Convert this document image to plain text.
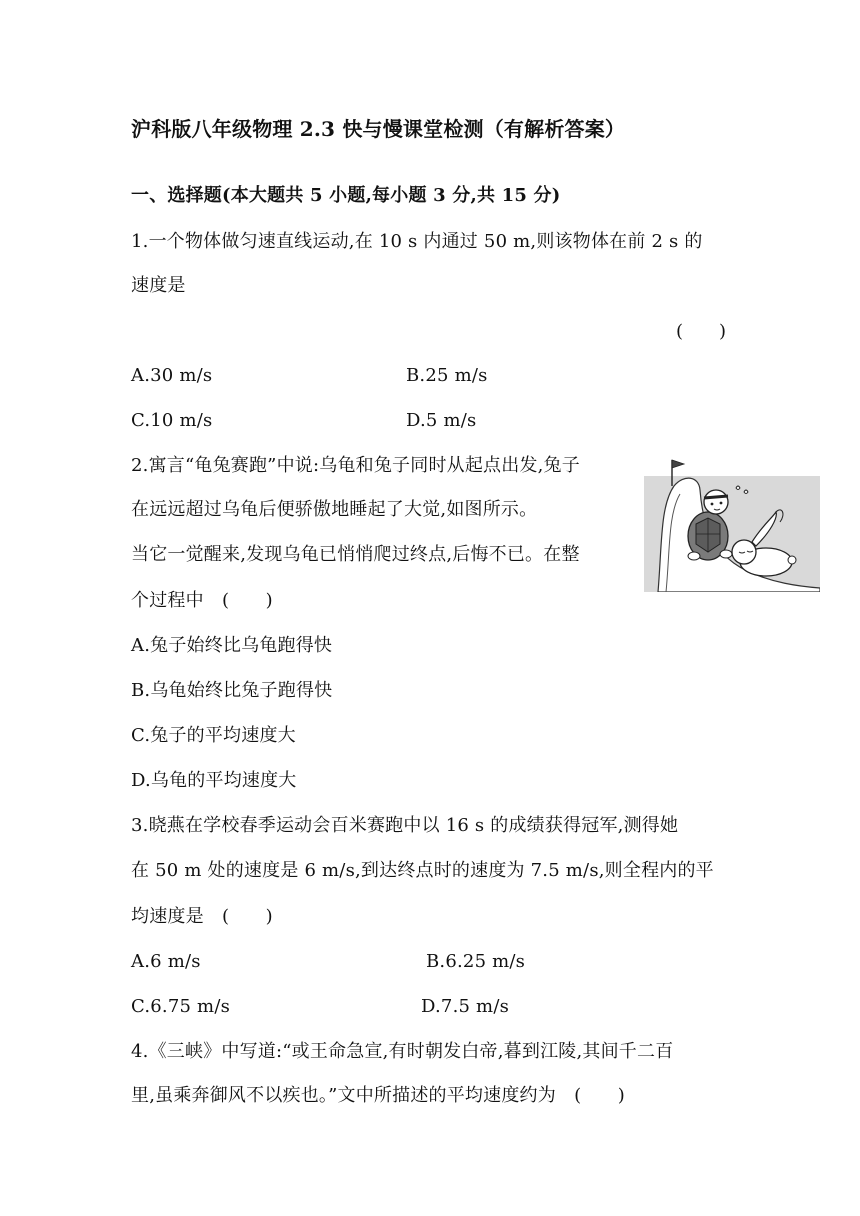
沪科版八年级物理 2.3 快与慢课堂检测（有解析答案）
一、选择题(本大题共 5 小题,每小题 3 分,共 15 分)
1.一个物体做匀速直线运动,在 10 s 内通过 50 m,则该物体在前 2 s 的
速度是
(　　)
A.30 m/s	B.25 m/s
C.10 m/s	D.5 m/s
2.寓言“龟兔赛跑”中说:乌龟和兔子同时从起点出发,兔子
在远远超过乌龟后便骄傲地睡起了大觉,如图所示。
当它一觉醒来,发现乌龟已悄悄爬过终点,后悔不已。在整
个过程中　(　　)
A.兔子始终比乌龟跑得快
B.乌龟始终比兔子跑得快
C.兔子的平均速度大
D.乌龟的平均速度大
3.晓燕在学校春季运动会百米赛跑中以 16 s 的成绩获得冠军,测得她
在 50 m 处的速度是 6 m/s,到达终点时的速度为 7.5 m/s,则全程内的平
均速度是　(　　)
A.6 m/s	B.6.25 m/s
C.6.75 m/s	D.7.5 m/s
4.《三峡》中写道:“或王命急宣,有时朝发白帝,暮到江陵,其间千二百
里,虽乘奔御风不以疾也。”文中所描述的平均速度约为　(　　)
